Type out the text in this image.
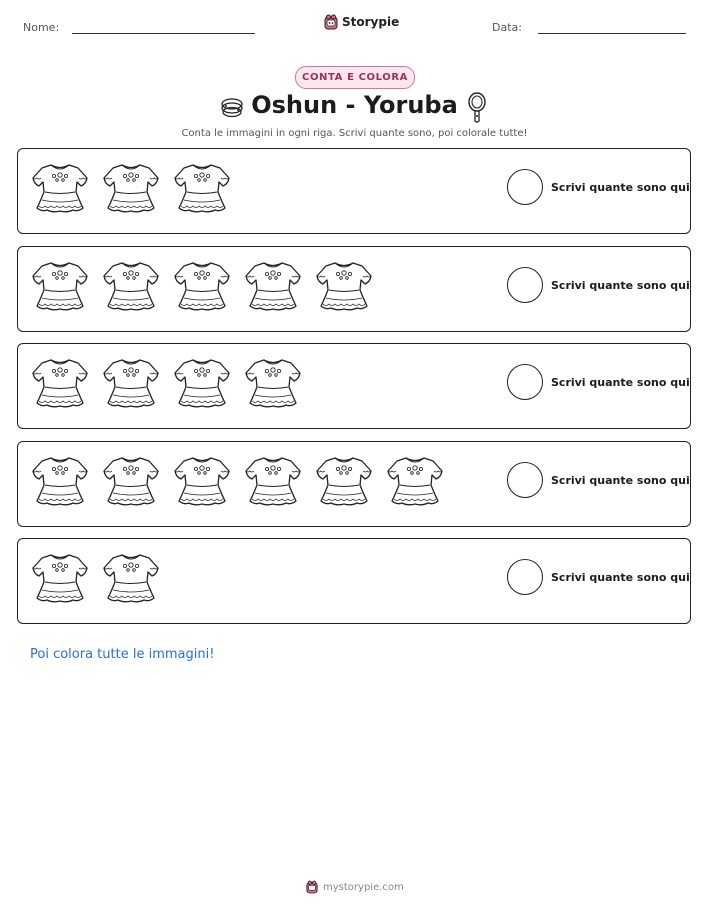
Nome:	Storypie	Data:
CONTA E COLORA
Oshun - Yoruba
Conta le immagini in ogni riga. Scrivi quante sono, poi colorale tutte!
Scrivi quante sono qui
Scrivi quante sono qui
Scrivi quante sono qui
Scrivi quante sono qui
Scrivi quante sono qui
Poi colora tutte le immagini!
mystorypie.com
